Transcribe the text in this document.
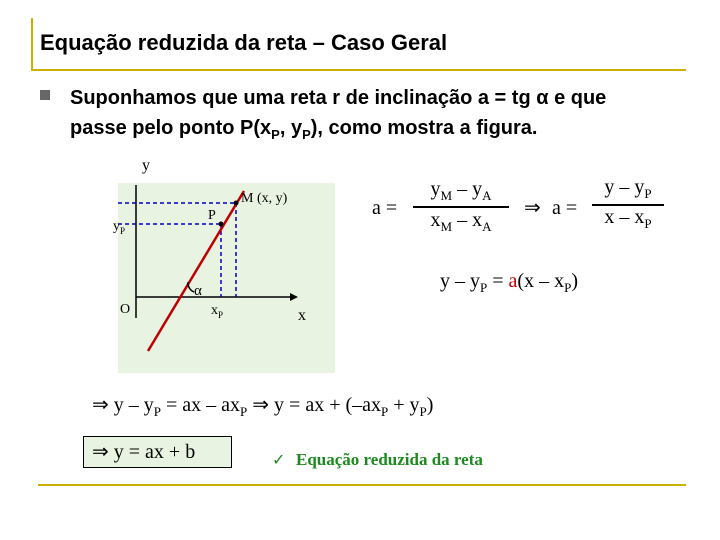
Equação reduzida da reta – Caso Geral
Suponhamos que uma reta r de inclinação a = tg α e que
passe pelo ponto $P(x_P$, $y_P$), como mostra a figura.
y
$y_P$
P
M (x, y)
α
O	$x_P$	x
a =
$y_M - y_A$
$x_M - x_A$
⇒ a =
y – $y_P$
x – $x_P$
$y - y_P = a(x - x_P)$
⇒ y – $y_P$ = ax – $ax_P$ ⇒ y = ax + $(-ax_P + y_P)$
⇒ y = ax + b	✓ Equação reduzida da reta
